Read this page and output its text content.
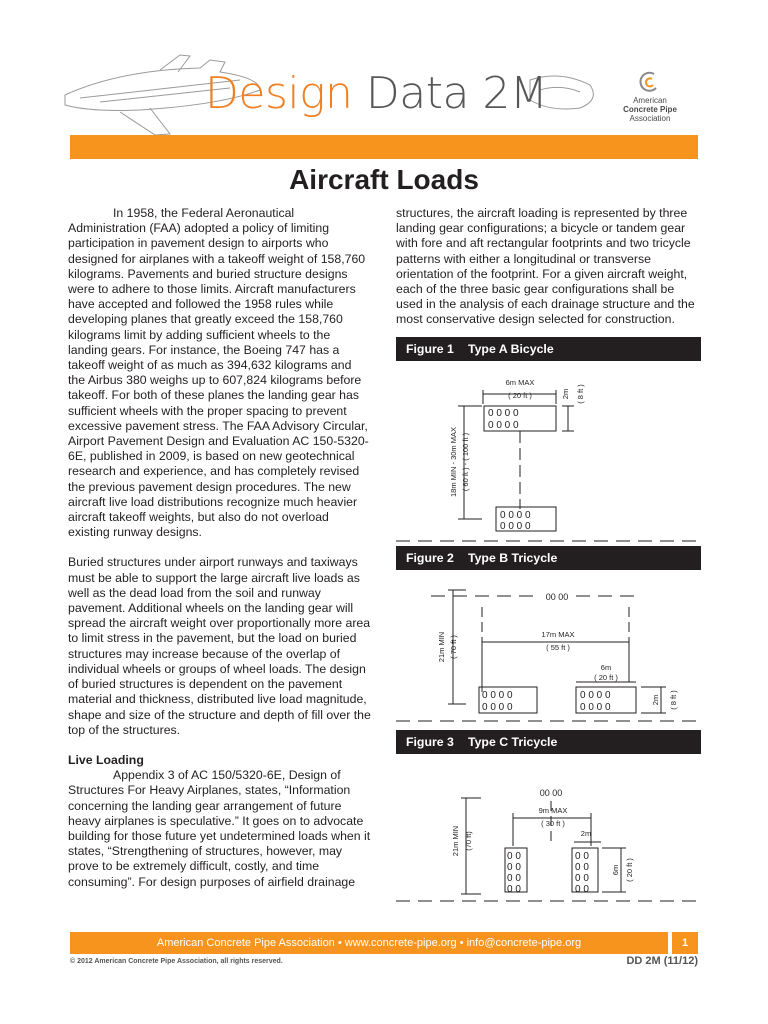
Design Data 2M	American
Concrete Pipe
Association
Aircraft Loads

In 1958, the Federal Aeronautical Administration (FAA) adopted a policy of limiting participation in pavement design to airports who designed for airplanes with a takeoff weight of 158,760 kilograms. Pavements and buried structure designs were to adhere to those limits. Aircraft manufacturers have accepted and followed the 1958 rules while developing planes that greatly exceed the 158,760 kilograms limit by adding sufficient wheels to the landing gears. For instance, the Boeing 747 has a takeoff weight of as much as 394,632 kilograms and the Airbus 380 weighs up to 607,824 kilograms before takeoff. For both of these planes the landing gear has sufficient wheels with the proper spacing to prevent excessive pavement stress. The FAA Advisory Circular, Airport Pavement Design and Evaluation AC 150-5320-6E, published in 2009, is based on new geotechnical research and experience, and has completely revised the previous pavement design procedures. The new aircraft live load distributions recognize much heavier aircraft takeoff weights, but also do not overload existing runway designs.

Buried structures under airport runways and taxiways must be able to support the large aircraft live loads as well as the dead load from the soil and runway pavement. Additional wheels on the landing gear will spread the aircraft weight over proportionally more area to limit stress in the pavement, but the load on buried structures may increase because of the overlap of individual wheels or groups of wheel loads. The design of buried structures is dependent on the pavement material and thickness, distributed live load magnitude, shape and size of the structure and depth of fill over the top of the structures.

Live Loading

Appendix 3 of AC 150/5320-6E, Design of Structures For Heavy Airplanes, states, “Information concerning the landing gear arrangement of future heavy airplanes is speculative.” It goes on to advocate building for those future yet undetermined loads when it states, “Strengthening of structures, however, may prove to be extremely difficult, costly, and time consuming”. For design purposes of airfield drainage

structures, the aircraft loading is represented by three landing gear configurations; a bicycle or tandem gear with fore and aft rectangular footprints and two tricycle patterns with either a longitudinal or transverse orientation of the footprint. For a given aircraft weight, each of the three basic gear configurations shall be used in the analysis of each drainage structure and the most conservative design selected for construction.

Figure 1 Type A Bicycle
0 0 0 0
0 0 0 0
0 0 0 0
0 0 0 0
6m MAX
( 20 ft )	2m ( 8 ft )
18m MIN - 30m MAX ( 60 ft ) - ( 100 ft )
Figure 2 Type B Tricycle
0 0 0 0
0 0 0 0
0 0 0 0
0 0 0 0
00 00
21m MIN ( 70 ft )
17m MAX
( 55 ft )
6m
( 20 ft )
2m ( 8 ft )
Figure 3 Type C Tricycle
0 0
0 0
0 0
0 0
0 0
0 0
0 0
0 0
00 00
21m MIN (70 ft)
9m MAX
( 30 ft )
2m
6m ( 20 ft )
American Concrete Pipe Association • www.concrete-pipe.org • info@concrete-pipe.org	1
© 2012 American Concrete Pipe Association, all rights reserved.	DD 2M (11/12)
